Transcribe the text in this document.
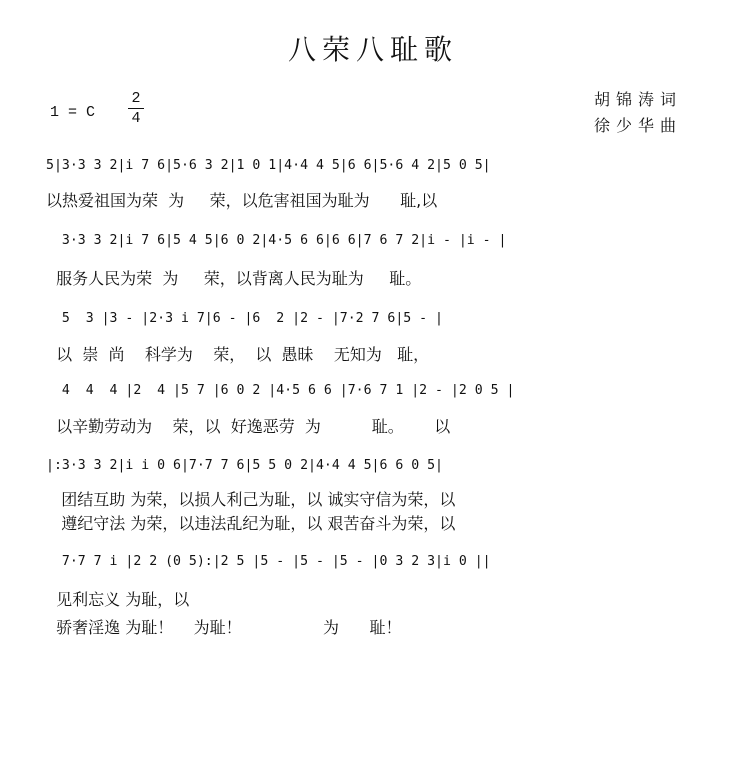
八荣八耻歌
1 = C
2
4
胡锦涛词
徐少华曲
5|3·3 3 2|i 7 6|5·6 3 2|1 0 1|4·4 4 5|6 6|5·6 4 2|5 0 5|
以热爱祖国为荣  为     荣，以危害祖国为耻为      耻,以
3·3 3 2|i 7 6|5 4 5|6 0 2|4·5 6 6|6 6|7 6 7 2|i - |i - |
服务人民为荣  为     荣，以背离人民为耻为     耻。
5  3 |3 - |2·3 i 7|6 - |6  2 |2 - |7·2 7 6|5 - |
以  崇  尚    科学为    荣，  以  愚昧    无知为   耻，
4  4  4 |2  4 |5 7 |6 0 2 |4·5 6 6 |7·6 7 1 |2 - |2 0 5 |
以辛勤劳动为    荣，以  好逸恶劳  为          耻。      以
|:3·3 3 2|i i 0 6|7·7 7 6|5 5 0 2|4·4 4 5|6 6 0 5|
团结互助 为荣，以损人利己为耻，以 诚实守信为荣，以
遵纪守法 为荣，以违法乱纪为耻，以 艰苦奋斗为荣，以
7·7 7 i |2 2 (0 5):|2 5 |5 - |5 - |5 - |0 3 2 3|i 0 ||
见利忘义 为耻，以
骄奢淫逸 为耻！    为耻！                为      耻！
